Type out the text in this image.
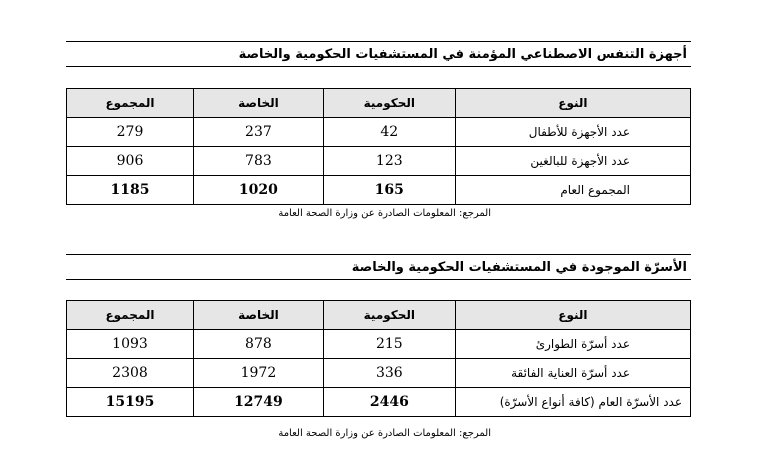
أجهزة التنفس الاصطناعي المؤمنة في المستشفيات الحكومية والخاصة
النوع	الحكومية	الخاصة	المجموع
عدد الأجهزة للأطفال	42	237	279
عدد الأجهزة للبالغين	123	783	906
المجموع العام	165	1020	1185
المرجع: المعلومات الصادرة عن وزارة الصحة العامة
الأسرّة الموجودة في المستشفيات الحكومية والخاصة
النوع	الحكومية	الخاصة	المجموع
عدد أسرّة الطوارئ	215	878	1093
عدد أسرّة العناية الفائقة	336	1972	2308
عدد الأسرّة العام (كافة أنواع الأسرّة)	2446	12749	15195
المرجع: المعلومات الصادرة عن وزارة الصحة العامة
